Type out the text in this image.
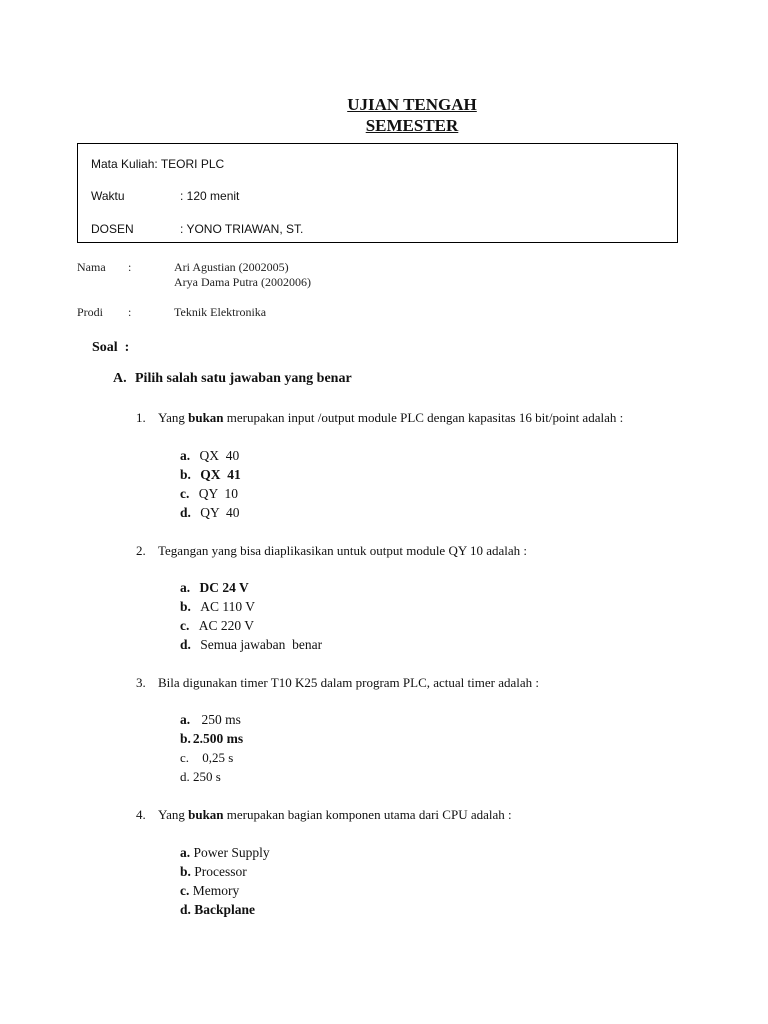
UJIAN TENGAH
SEMESTER
Mata Kuliah: TEORI PLC
Waktu	: 120 menit
DOSEN	: YONO TRIAWAN, ST.
Nama :	Ari Agustian (2002005)
Arya Dama Putra (2002006)
Prodi :	Teknik Elektronika
Soal  :
A. Pilih salah satu jawaban yang benar
1. Yang bukan merupakan input /output module PLC dengan kapasitas 16 bit/point adalah :
a. QX  40
b. QX  41
c. QY  10
d. QY  40
2. Tegangan yang bisa diaplikasikan untuk output module QY 10 adalah :
a. DC 24 V
b. AC 110 V
c. AC 220 V
d. Semua jawaban  benar
3. Bila digunakan timer T10 K25 dalam program PLC, actual timer adalah :
a. 250 ms
b. 2.500 ms
c. 0,25 s
d. 250 s
4. Yang bukan merupakan bagian komponen utama dari CPU adalah :
a. Power Supply
b. Processor
c. Memory
d. Backplane
